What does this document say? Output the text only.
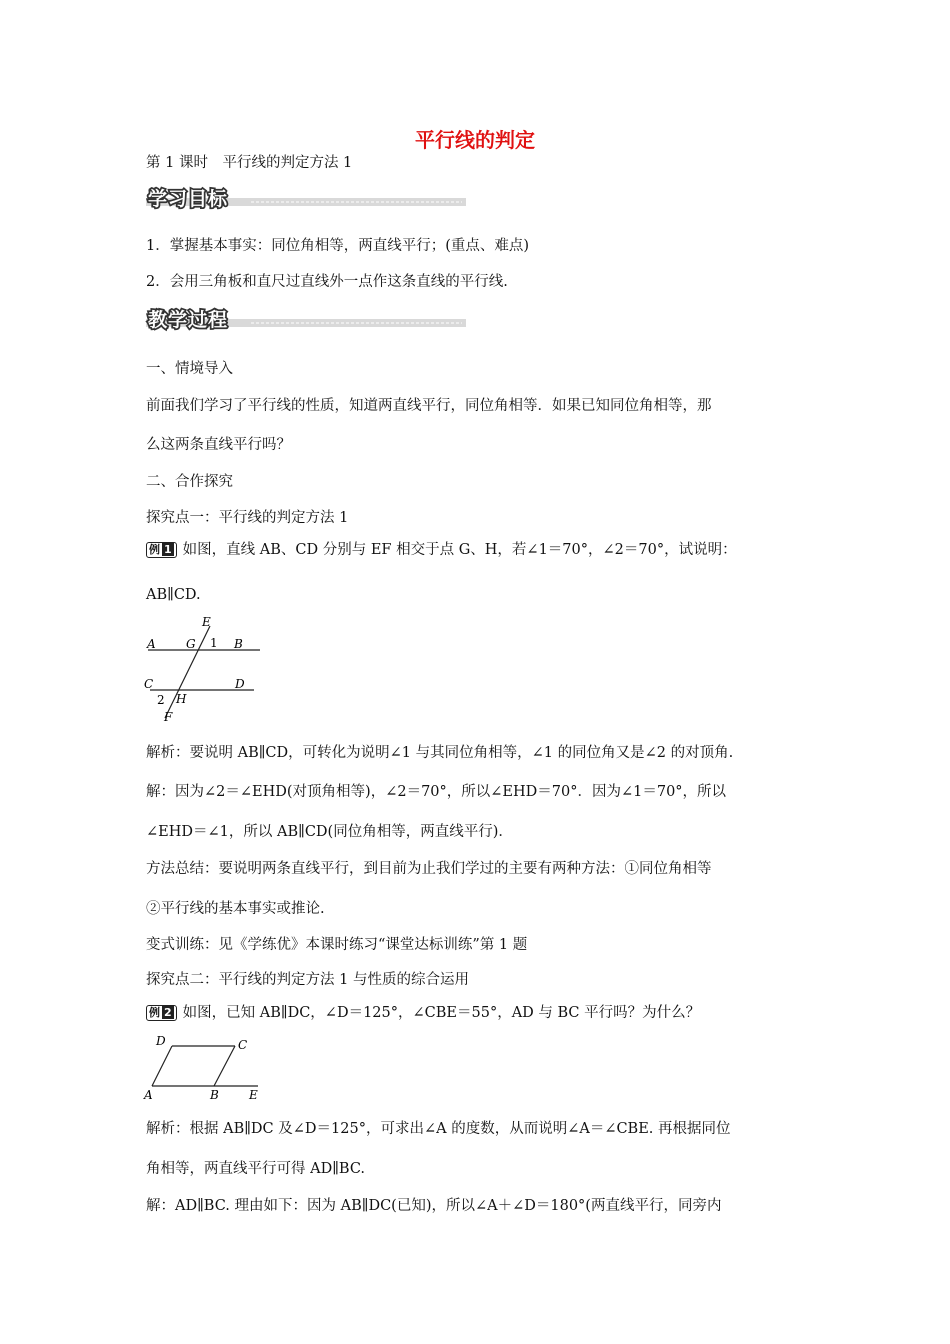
平行线的判定
第 1 课时　平行线的判定方法 1
学习目标
1．掌握基本事实：同位角相等，两直线平行；(重点、难点)
2．会用三角板和直尺过直线外一点作这条直线的平行线.
教学过程
一、情境导入
前面我们学习了平行线的性质，知道两直线平行，同位角相等．如果已知同位角相等，那
么这两条直线平行吗？
二、合作探究
探究点一：平行线的判定方法 1
例 1 如图，直线 AB、CD 分别与 EF 相交于点 G、H，若∠1＝70°，∠2＝70°，试说明：
AB∥CD.
E
A	G 1 B
C	D
H
2
F
解析：要说明 AB∥CD，可转化为说明∠1 与其同位角相等，∠1 的同位角又是∠2 的对顶角.
解：因为∠2＝∠EHD(对顶角相等)，∠2＝70°，所以∠EHD＝70°．因为∠1＝70°，所以
∠EHD＝∠1，所以 AB∥CD(同位角相等，两直线平行)．
方法总结：要说明两条直线平行，到目前为止我们学过的主要有两种方法：①同位角相等
②平行线的基本事实或推论.
变式训练：见《学练优》本课时练习“课堂达标训练”第 1 题
探究点二：平行线的判定方法 1 与性质的综合运用
例 2 如图，已知 AB∥DC，∠D＝125°，∠CBE＝55°，AD 与 BC 平行吗？为什么？
D	C
A	B	E
解析：根据 AB∥DC 及∠D＝125°，可求出∠A 的度数，从而说明∠A＝∠CBE. 再根据同位
角相等，两直线平行可得 AD∥BC.
解：AD∥BC. 理由如下：因为 AB∥DC(已知)，所以∠A＋∠D＝180°(两直线平行，同旁内
